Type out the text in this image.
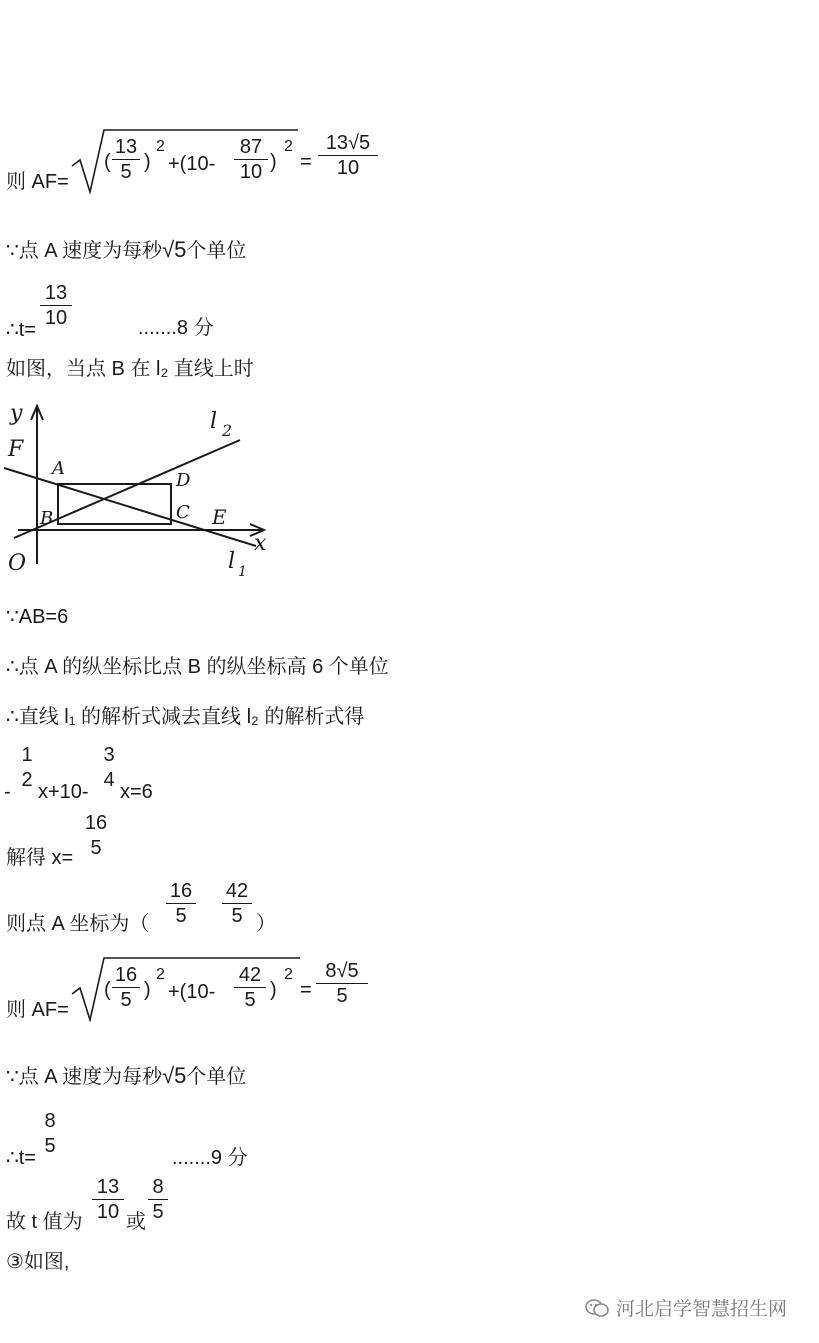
则 AF=
(
13
5 )
2
+(10-
87
10 )
2
=
13√5
10
∵点 A 速度为每秒√5个单位
13
10
∴t=	.......8 分
如图，当点 B 在 l₂ 直线上时
y
F
A
B
D
C E
O
x
l 1
l 2
∵AB=6
∴点 A 的纵坐标比点 B 的纵坐标高 6 个单位
∴直线 l₁ 的解析式减去直线 l₂ 的解析式得
1
2
- x+10-
3
4
x=6
解得 x=
16
5
则点 A 坐标为（
16
5
42
5 ）
则 AF=
(
16
5 )
2
+(10-
42
5 )
2
=
8√5
5
∵点 A 速度为每秒√5个单位
8
5
∴t=	.......9 分
故 t 值为
13
10 或
8
5
③如图,
河北启学智慧招生网
